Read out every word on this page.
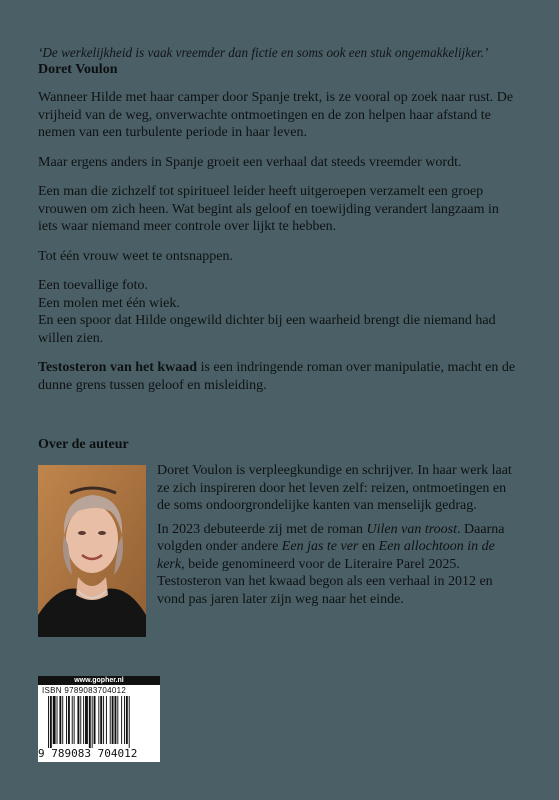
‘De werkelijkheid is vaak vreemder dan fictie en soms ook een stuk ongemakkelijker.’
Doret Voulon

Wanneer Hilde met haar camper door Spanje trekt, is ze vooral op zoek naar rust. De vrijheid van de weg, onverwachte ontmoetingen en de zon helpen haar afstand te nemen van een turbulente periode in haar leven.

Maar ergens anders in Spanje groeit een verhaal dat steeds vreemder wordt.

Een man die zichzelf tot spiritueel leider heeft uitgeroepen verzamelt een groep vrouwen om zich heen. Wat begint als geloof en toewijding verandert langzaam in iets waar niemand meer controle over lijkt te hebben.

Tot één vrouw weet te ontsnappen.

Een toevallige foto.
Een molen met één wiek.
En een spoor dat Hilde ongewild dichter bij een waarheid brengt die niemand had willen zien.

Testosteron van het kwaad is een indringende roman over manipulatie, macht en de dunne grens tussen geloof en misleiding.

Over de auteur

Doret Voulon is verpleegkundige en schrijver. In haar werk laat ze zich inspireren door het leven zelf: reizen, ontmoetingen en de soms ondoorgrondelijke kanten van menselijk gedrag.

In 2023 debuteerde zij met de roman Uilen van troost. Daarna volgden onder andere Een jas te ver en Een allochtoon in de kerk, beide genomineerd voor de Literaire Parel 2025.
Testosteron van het kwaad begon als een verhaal in 2012 en vond pas jaren later zijn weg naar het einde.

www.gopher.nl
ISBN 9789083704012
9 789083 704012
